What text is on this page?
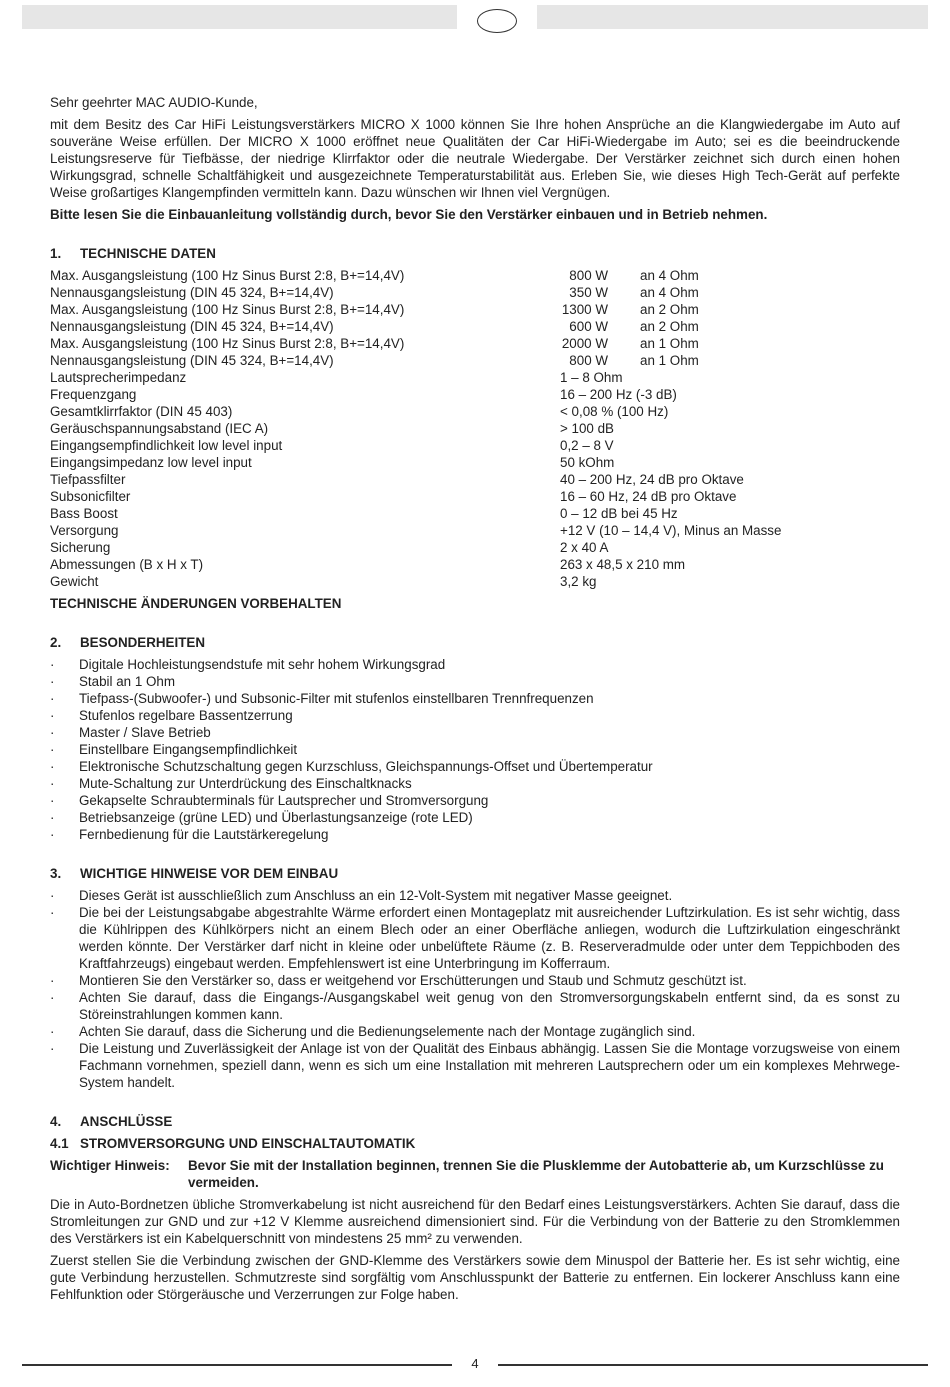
Sehr geehrter MAC AUDIO-Kunde,

mit dem Besitz des Car HiFi Leistungsverstärkers MICRO X 1000 können Sie Ihre hohen Ansprüche an die Klangwiedergabe im Auto auf souveräne Weise erfüllen. Der MICRO X 1000 eröffnet neue Qualitäten der Car HiFi-Wiedergabe im Auto; sei es die beeindruckende Leistungsreserve für Tiefbässe, der niedrige Klirrfaktor oder die neutrale Wiedergabe. Der Verstärker zeichnet sich durch einen hohen Wirkungsgrad, schnelle Schaltfähigkeit und ausgezeichnete Temperaturstabilität aus. Erleben Sie, wie dieses High Tech-Gerät auf perfekte Weise großartiges Klangempfinden vermitteln kann. Dazu wünschen wir Ihnen viel Vergnügen.

Bitte lesen Sie die Einbauanleitung vollständig durch, bevor Sie den Verstärker einbauen und in Betrieb nehmen.

1. TECHNISCHE DATEN
Max. Ausgangsleistung (100 Hz Sinus Burst 2:8, B+=14,4V)	800 W an 4 Ohm
Nennausgangsleistung (DIN 45 324, B+=14,4V)	350 W an 4 Ohm
Max. Ausgangsleistung (100 Hz Sinus Burst 2:8, B+=14,4V)	1300 W an 2 Ohm
Nennausgangsleistung (DIN 45 324, B+=14,4V)	600 W an 2 Ohm
Max. Ausgangsleistung (100 Hz Sinus Burst 2:8, B+=14,4V)	2000 W an 1 Ohm
Nennausgangsleistung (DIN 45 324, B+=14,4V)	800 W an 1 Ohm
Lautsprecherimpedanz	1 – 8 Ohm
Frequenzgang	16 – 200 Hz (-3 dB)
Gesamtklirrfaktor (DIN 45 403)	< 0,08 % (100 Hz)
Geräuschspannungsabstand (IEC A)	> 100 dB
Eingangsempfindlichkeit low level input	0,2 – 8 V
Eingangsimpedanz low level input	50 kOhm
Tiefpassfilter	40 – 200 Hz, 24 dB pro Oktave
Subsonicfilter	16 – 60 Hz, 24 dB pro Oktave
Bass Boost	0 – 12 dB bei 45 Hz
Versorgung	+12 V (10 – 14,4 V), Minus an Masse
Sicherung	2 x 40 A
Abmessungen (B x H x T)	263 x 48,5 x 210 mm
Gewicht	3,2 kg

TECHNISCHE ÄNDERUNGEN VORBEHALTEN

2. BESONDERHEITEN
· Digitale Hochleistungsendstufe mit sehr hohem Wirkungsgrad
· Stabil an 1 Ohm
· Tiefpass-(Subwoofer-) und Subsonic-Filter mit stufenlos einstellbaren Trennfrequenzen
· Stufenlos regelbare Bassentzerrung
· Master / Slave Betrieb
· Einstellbare Eingangsempfindlichkeit
· Elektronische Schutzschaltung gegen Kurzschluss, Gleichspannungs-Offset und Übertemperatur
· Mute-Schaltung zur Unterdrückung des Einschaltknacks
· Gekapselte Schraubterminals für Lautsprecher und Stromversorgung
· Betriebsanzeige (grüne LED) und Überlastungsanzeige (rote LED)
· Fernbedienung für die Lautstärkeregelung
3. WICHTIGE HINWEISE VOR DEM EINBAU
· Dieses Gerät ist ausschließlich zum Anschluss an ein 12-Volt-System mit negativer Masse geeignet.
· Die bei der Leistungsabgabe abgestrahlte Wärme erfordert einen Montageplatz mit ausreichender Luftzirkulation. Es ist sehr wichtig, dass die Kühlrippen des Kühlkörpers nicht an einem Blech oder an einer Oberfläche anliegen, wodurch die Luftzirkulation eingeschränkt werden könnte. Der Verstärker darf nicht in kleine oder unbelüftete Räume (z. B. Reserveradmulde oder unter dem Teppichboden des Kraftfahrzeugs) eingebaut werden. Empfehlenswert ist eine Unterbringung im Kofferraum.
· Montieren Sie den Verstärker so, dass er weitgehend vor Erschütterungen und Staub und Schmutz geschützt ist.
· Achten Sie darauf, dass die Eingangs-/Ausgangskabel weit genug von den Stromversorgungskabeln entfernt sind, da es sonst zu Störeinstrahlungen kommen kann.
· Achten Sie darauf, dass die Sicherung und die Bedienungselemente nach der Montage zugänglich sind.
· Die Leistung und Zuverlässigkeit der Anlage ist von der Qualität des Einbaus abhängig. Lassen Sie die Montage vorzugsweise von einem Fachmann vornehmen, speziell dann, wenn es sich um eine Installation mit mehreren Lautsprechern oder um ein komplexes Mehrwege-System handelt.
4. ANSCHLÜSSE
4.1 STROMVERSORGUNG UND EINSCHALTAUTOMATIK
Wichtiger Hinweis:	Bevor Sie mit der Installation beginnen, trennen Sie die Plusklemme der Autobatterie ab, um Kurzschlüsse zu vermeiden.

Die in Auto-Bordnetzen übliche Stromverkabelung ist nicht ausreichend für den Bedarf eines Leistungsverstärkers. Achten Sie darauf, dass die Stromleitungen zur GND und zur +12 V Klemme ausreichend dimensioniert sind. Für die Verbindung von der Batterie zu den Stromklemmen des Verstärkers ist ein Kabelquerschnitt von mindestens 25 mm² zu verwenden.

Zuerst stellen Sie die Verbindung zwischen der GND-Klemme des Verstärkers sowie dem Minuspol der Batterie her. Es ist sehr wichtig, eine gute Verbindung herzustellen. Schmutzreste sind sorgfältig vom Anschlusspunkt der Batterie zu entfernen. Ein lockerer Anschluss kann eine Fehlfunktion oder Störgeräusche und Verzerrungen zur Folge haben.

4
